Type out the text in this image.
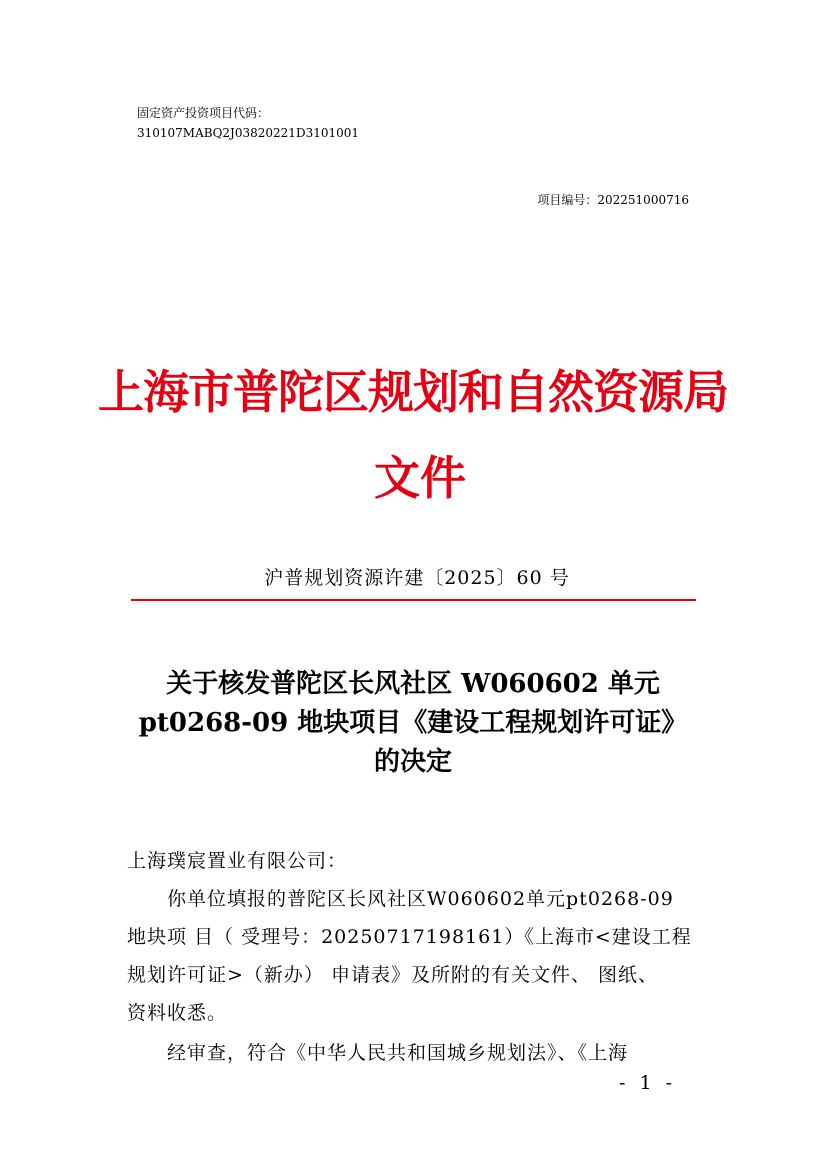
固定资产投资项目代码：
310107MABQ2J03820221D3101001
项目编号：202251000716
上海市普陀区规划和自然资源局
文件
沪普规划资源许建〔2025〕60 号
关于核发普陀区长风社区 W060602 单元
pt0268-09 地块项目《建设工程规划许可证》
的决定
上海璞宸置业有限公司：
　　你单位填报的普陀区长风社区W060602单元pt0268-09
地块项 目（ 受理号：20250717198161）《上海市<建设工程
规划许可证>（新办） 申请表》及所附的有关文件、 图纸、
资料收悉。
　　经审查，符合《中华人民共和国城乡规划法》、《上海
- 1 -
